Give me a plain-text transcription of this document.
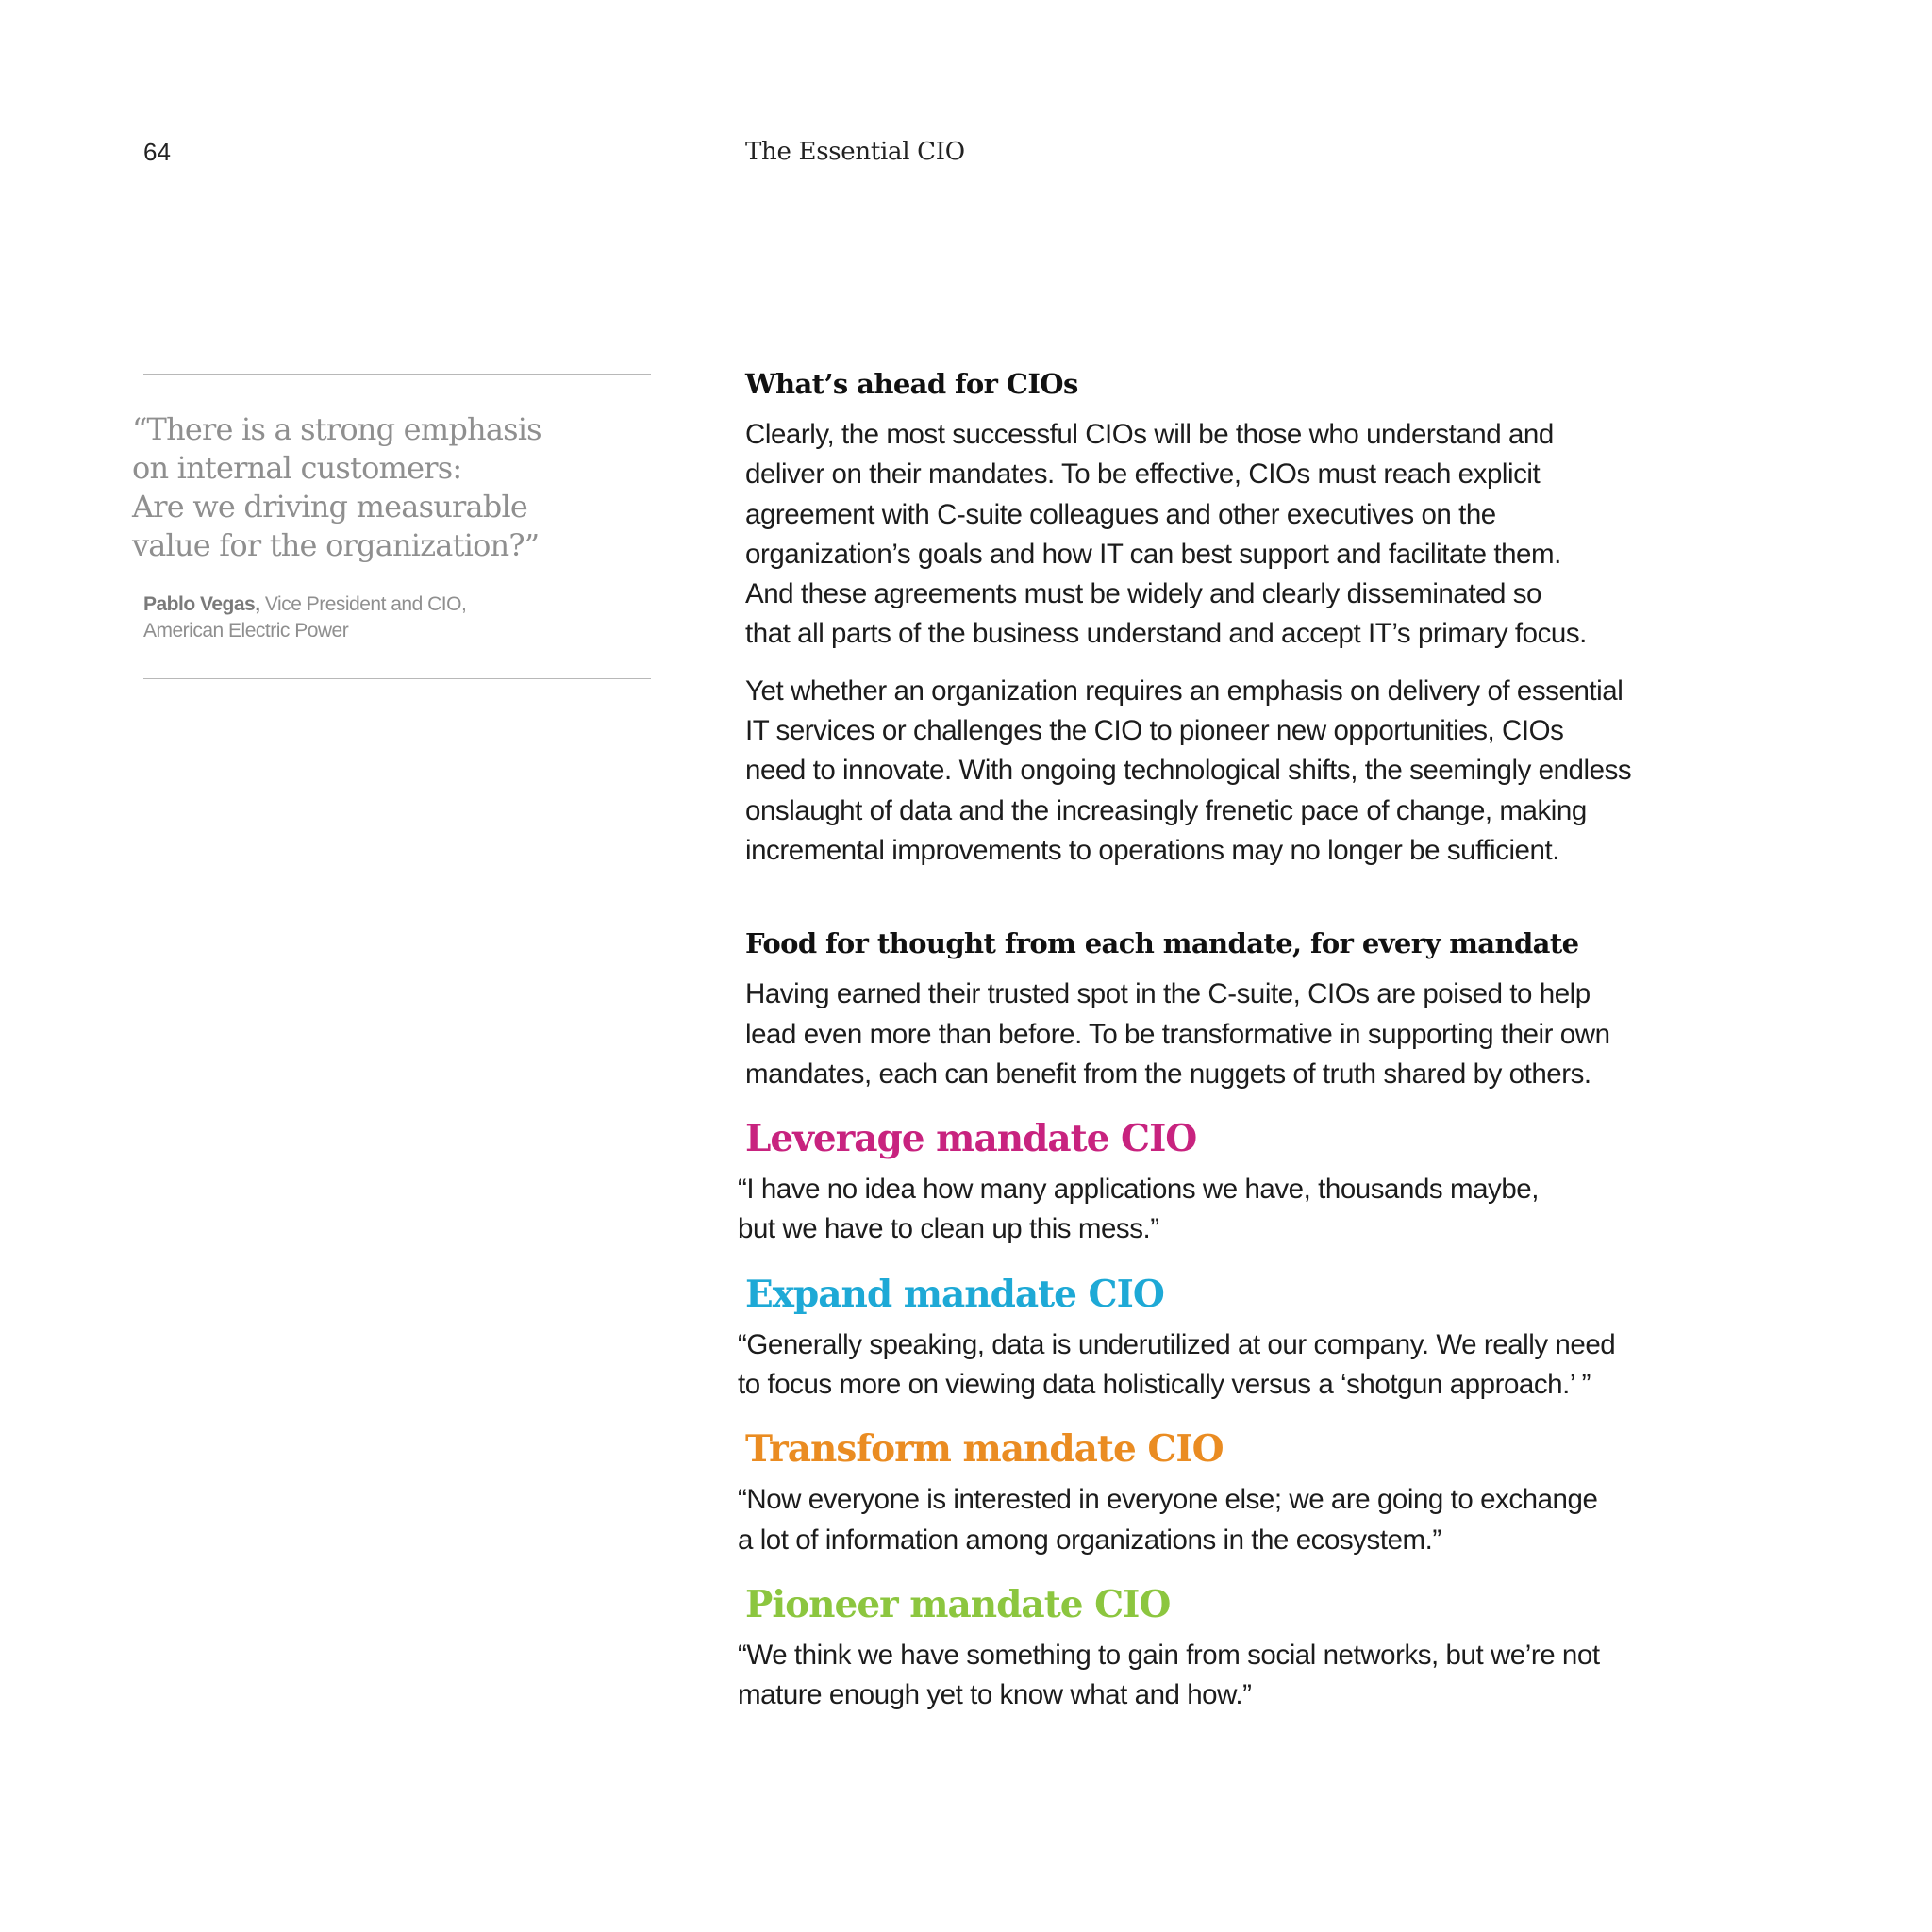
64	The Essential CIO
“There is a strong emphasis
on internal customers:
Are we driving measurable
value for the organization?”
Pablo Vegas, Vice President and CIO,
American Electric Power
What’s ahead for CIOs

Clearly, the most successful CIOs will be those who understand and
deliver on their mandates. To be effective, CIOs must reach explicit
agreement with C-suite colleagues and other executives on the
organization’s goals and how IT can best support and facilitate them.
And these agreements must be widely and clearly disseminated so
that all parts of the business understand and accept IT’s primary focus.

Yet whether an organization requires an emphasis on delivery of essential
IT services or challenges the CIO to pioneer new opportunities, CIOs
need to innovate. With ongoing technological shifts, the seemingly endless
onslaught of data and the increasingly frenetic pace of change, making
incremental improvements to operations may no longer be sufficient.

Food for thought from each mandate, for every mandate

Having earned their trusted spot in the C-suite, CIOs are poised to help
lead even more than before. To be transformative in supporting their own
mandates, each can benefit from the nuggets of truth shared by others.

Leverage mandate CIO

“I have no idea how many applications we have, thousands maybe,
but we have to clean up this mess.”

Expand mandate CIO

“Generally speaking, data is underutilized at our company. We really need
to focus more on viewing data holistically versus a ‘shotgun approach.’ ”

Transform mandate CIO

“Now everyone is interested in everyone else; we are going to exchange
a lot of information among organizations in the ecosystem.”

Pioneer mandate CIO

“We think we have something to gain from social networks, but we’re not
mature enough yet to know what and how.”
